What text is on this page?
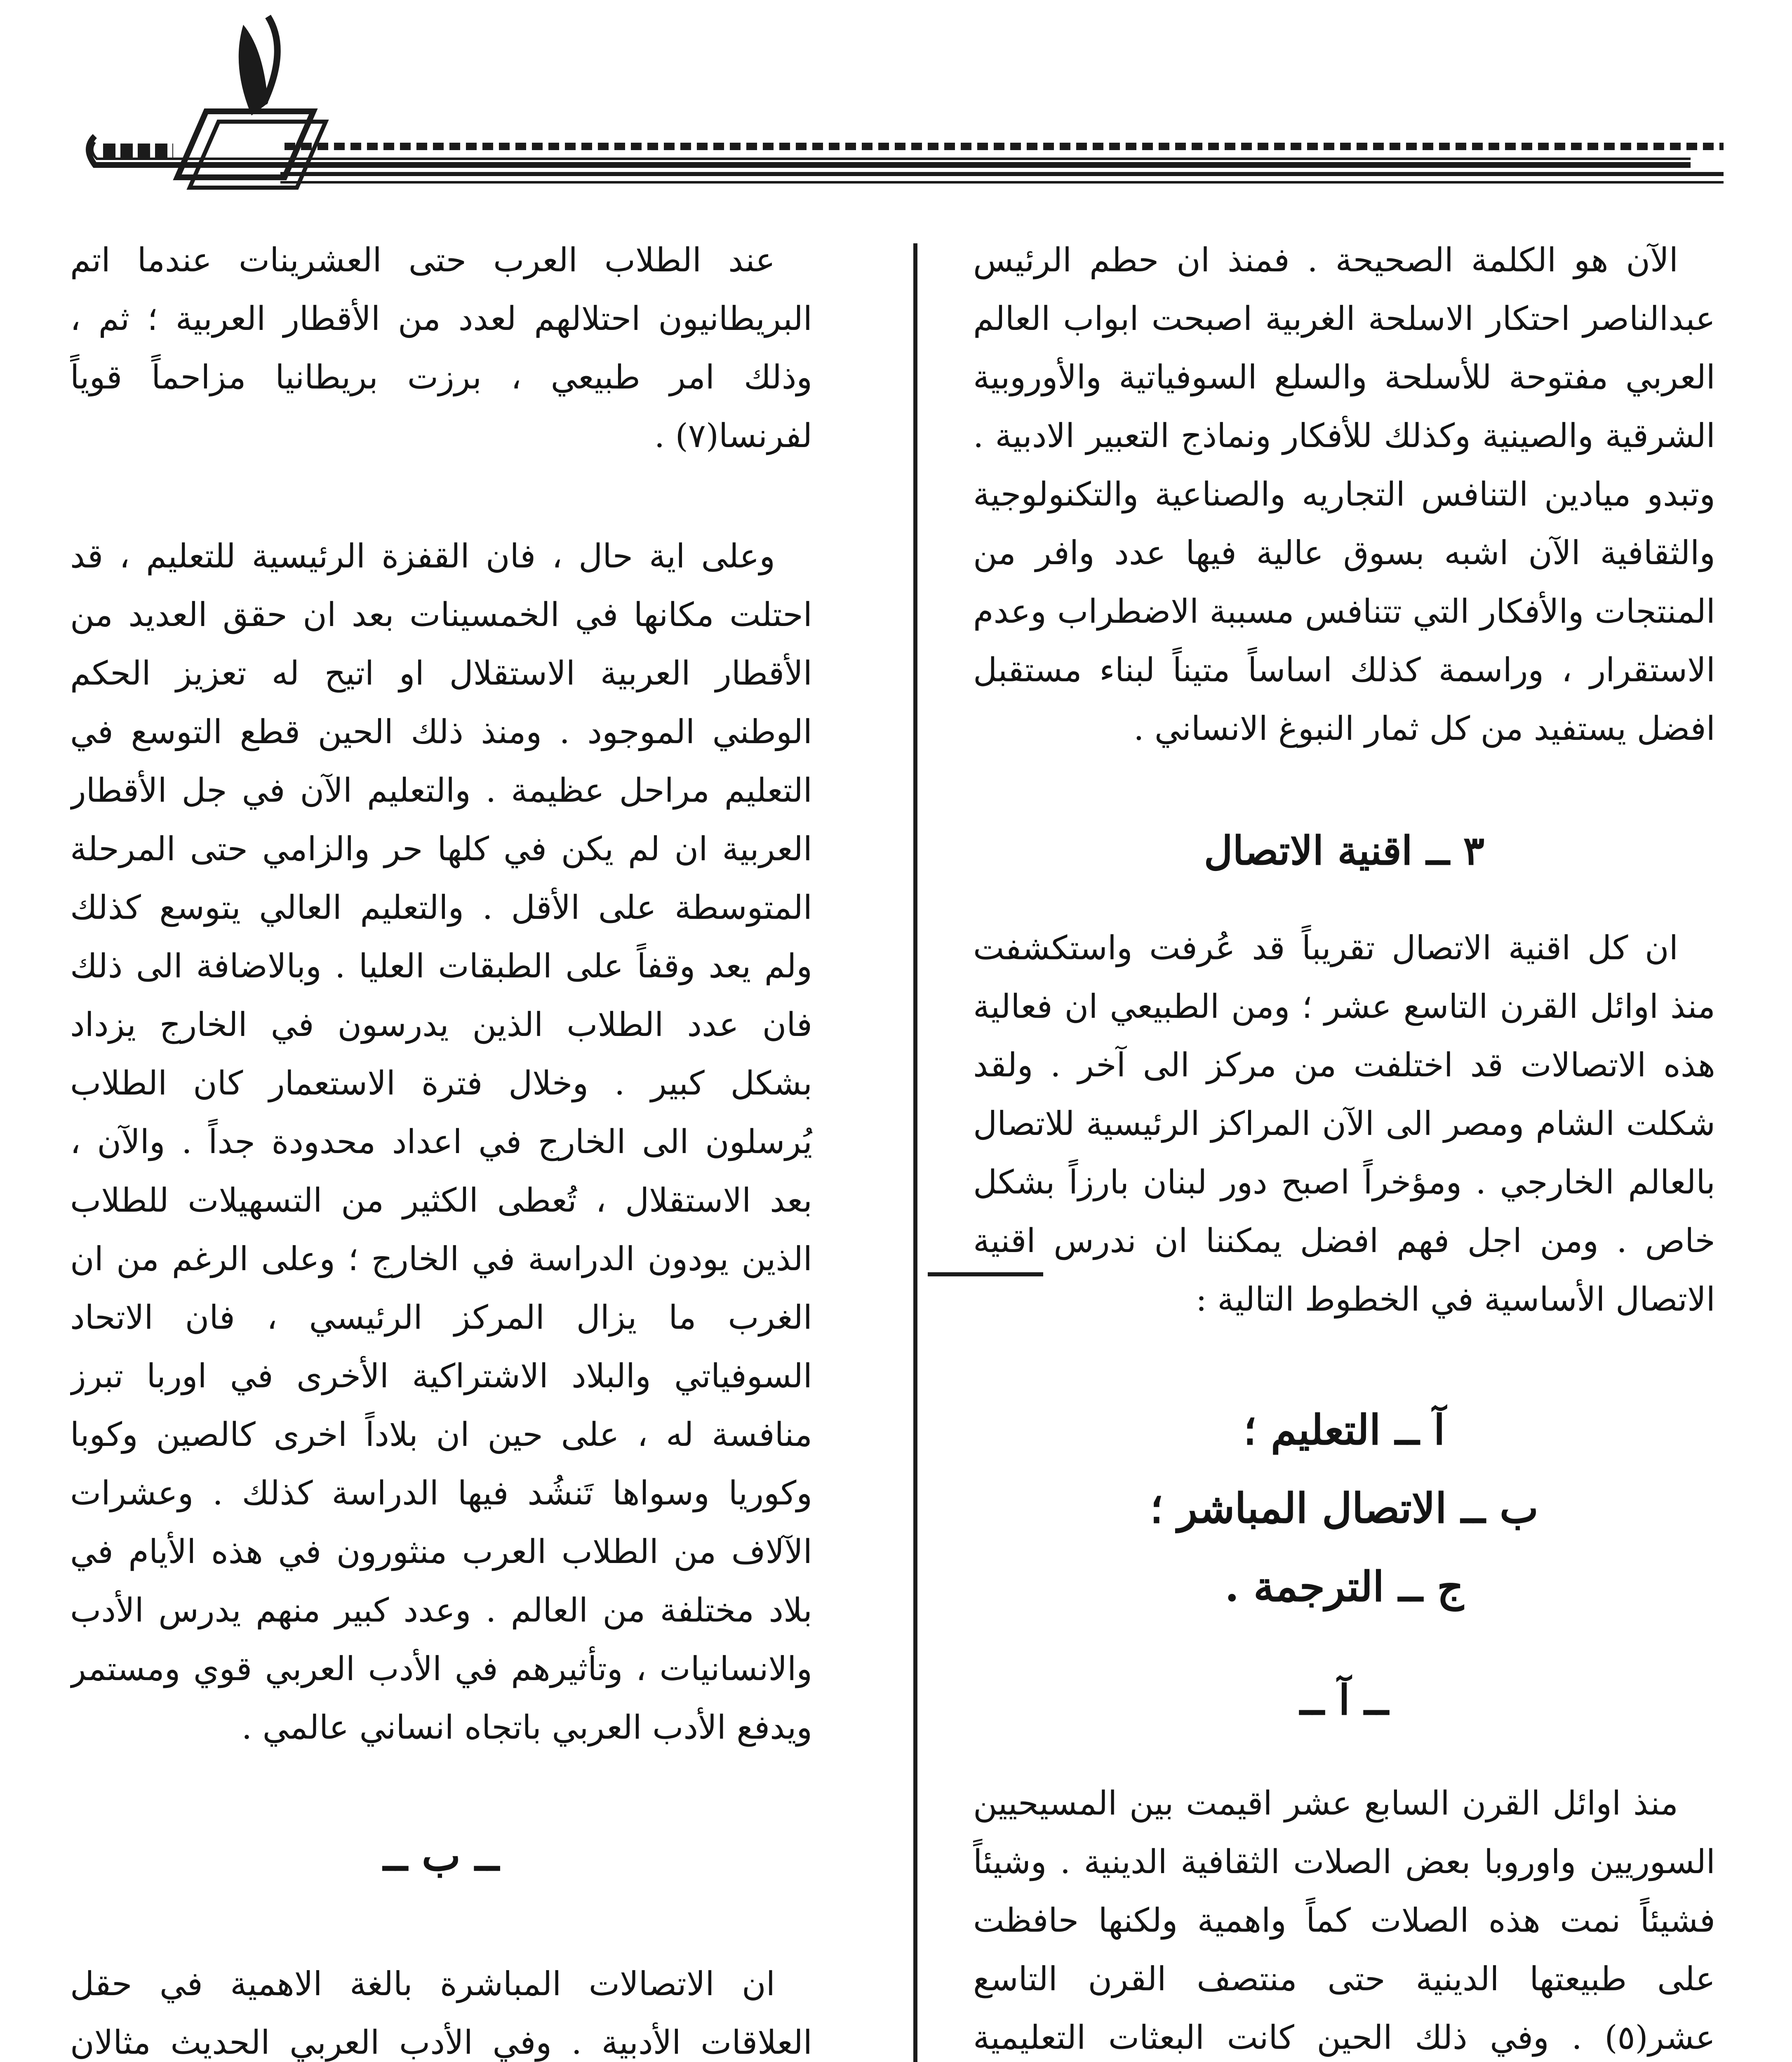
الآن هو الكلمة الصحيحة . فمنذ ان حطم الرئيس عبدالناصر احتكار الاسلحة الغربية اصبحت ابواب العالم العربي مفتوحة للأسلحة والسلع السوفياتية والأوروبية الشرقية والصينية وكذلك للأفكار ونماذج التعبير الادبية . وتبدو ميادين التنافس التجاريه والصناعية والتكنولوجية والثقافية الآن اشبه بسوق عالية فيها عدد وافر من المنتجات والأفكار التي تتنافس مسببة الاضطراب وعدم الاستقرار ، وراسمة كذلك اساساً متيناً لبناء مستقبل افضل يستفيد من كل ثمار النبوغ الانساني .

٣ ــ اقنية الاتصال

ان كل اقنية الاتصال تقريباً قد عُرفت واستكشفت منذ اوائل القرن التاسع عشر ؛ ومن الطبيعي ان فعالية هذه الاتصالات قد اختلفت من مركز الى آخر . ولقد شكلت الشام ومصر الى الآن المراكز الرئيسية للاتصال بالعالم الخارجي . ومؤخراً اصبح دور لبنان بارزاً بشكل خاص . ومن اجل فهم افضل يمكننا ان ندرس اقنية الاتصال الأساسية في الخطوط التالية :

آ ــ التعليم ؛

ب ــ الاتصال المباشر ؛

ج ــ الترجمة .

ــ آ ــ

منذ اوائل القرن السابع عشر اقيمت بين المسيحيين السوريين واوروبا بعض الصلات الثقافية الدينية . وشيئاً فشيئاً نمت هذه الصلات كماً واهمية ولكنها حافظت على طبيعتها الدينية حتى منتصف القرن التاسع عشر(٥) . وفي ذلك الحين كانت البعثات التعليمية

عند الطلاب العرب حتى العشرينات عندما اتم البريطانيون احتلالهم لعدد من الأقطار العربية ؛ ثم ، وذلك امر طبيعي ، برزت بريطانيا مزاحماً قوياً لفرنسا(٧) .

وعلى اية حال ، فان القفزة الرئيسية للتعليم ، قد احتلت مكانها في الخمسينات بعد ان حقق العديد من الأقطار العربية الاستقلال او اتيح له تعزيز الحكم الوطني الموجود . ومنذ ذلك الحين قطع التوسع في التعليم مراحل عظيمة . والتعليم الآن في جل الأقطار العربية ان لم يكن في كلها حر والزامي حتى المرحلة المتوسطة على الأقل . والتعليم العالي يتوسع كذلك ولم يعد وقفاً على الطبقات العليا . وبالاضافة الى ذلك فان عدد الطلاب الذين يدرسون في الخارج يزداد بشكل كبير . وخلال فترة الاستعمار كان الطلاب يُرسلون الى الخارج في اعداد محدودة جداً . والآن ، بعد الاستقلال ، تُعطى الكثير من التسهيلات للطلاب الذين يودون الدراسة في الخارج ؛ وعلى الرغم من ان الغرب ما يزال المركز الرئيسي ، فان الاتحاد السوفياتي والبلاد الاشتراكية الأخرى في اوربا تبرز منافسة له ، على حين ان بلاداً اخرى كالصين وكوبا وكوريا وسواها تَنشُد فيها الدراسة كذلك . وعشرات الآلاف من الطلاب العرب منثورون في هذه الأيام في بلاد مختلفة من العالم . وعدد كبير منهم يدرس الأدب والانسانيات ، وتأثيرهم في الأدب العربي قوي ومستمر ويدفع الأدب العربي باتجاه انساني عالمي .

ــ ب ــ

ان الاتصالات المباشرة بالغة الاهمية في حقل العلاقات الأدبية . وفي الأدب العربي الحديث مثالان
